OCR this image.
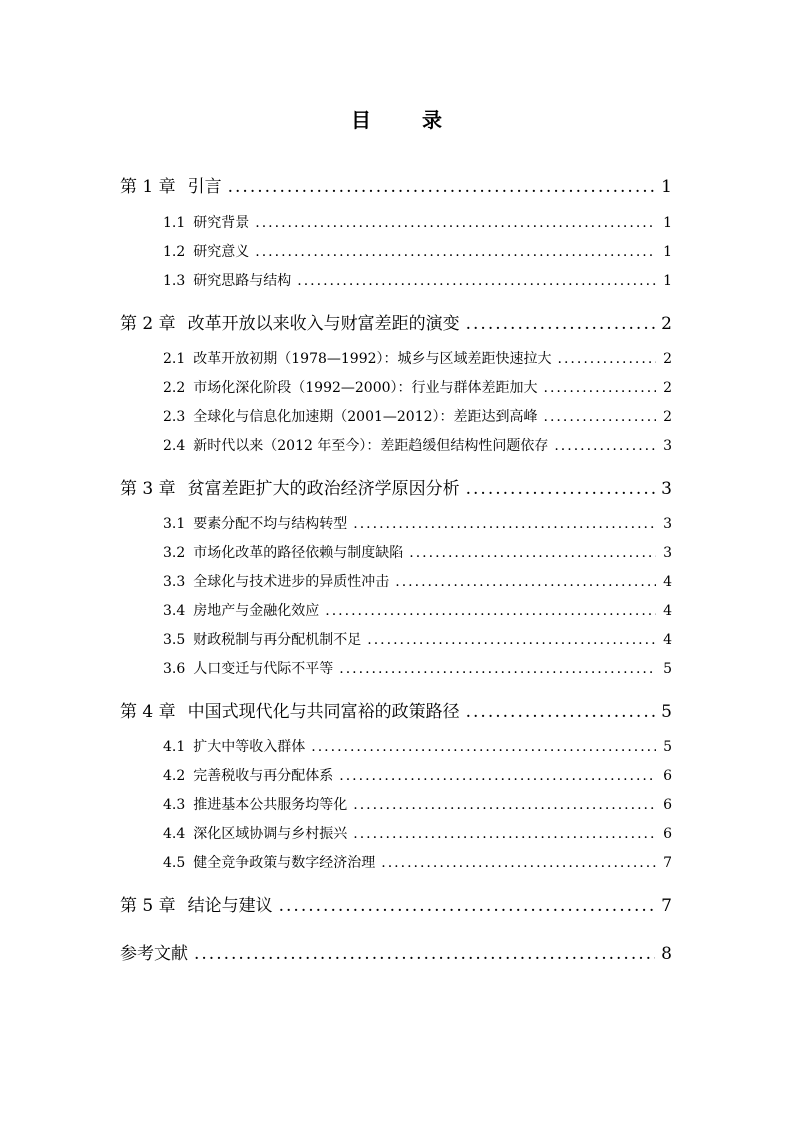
目 录
第 1 章 引言 .....	1
1.1 研究背景 .....	1
1.2 研究意义 .....	1
1.3 研究思路与结构 .....	1
第 2 章 改革开放以来收入与财富差距的演变 .....	2
2.1 改革开放初期（1978—1992）：城乡与区域差距快速拉大 .....	2
2.2 市场化深化阶段（1992—2000）：行业与群体差距加大 .....	2
2.3 全球化与信息化加速期（2001—2012）：差距达到高峰 .....	2
2.4 新时代以来（2012 年至今）：差距趋缓但结构性问题依存 .....	3
第 3 章 贫富差距扩大的政治经济学原因分析 .....	3
3.1 要素分配不均与结构转型 .....	3
3.2 市场化改革的路径依赖与制度缺陷 .....	3
3.3 全球化与技术进步的异质性冲击 .....	4
3.4 房地产与金融化效应 .....	4
3.5 财政税制与再分配机制不足 .....	4
3.6 人口变迁与代际不平等 .....	5
第 4 章 中国式现代化与共同富裕的政策路径 .....	5
4.1 扩大中等收入群体 .....	5
4.2 完善税收与再分配体系 .....	6
4.3 推进基本公共服务均等化 .....	6
4.4 深化区域协调与乡村振兴 .....	6
4.5 健全竞争政策与数字经济治理 .....	7
第 5 章 结论与建议 .....	7
参考文献 .....	8
